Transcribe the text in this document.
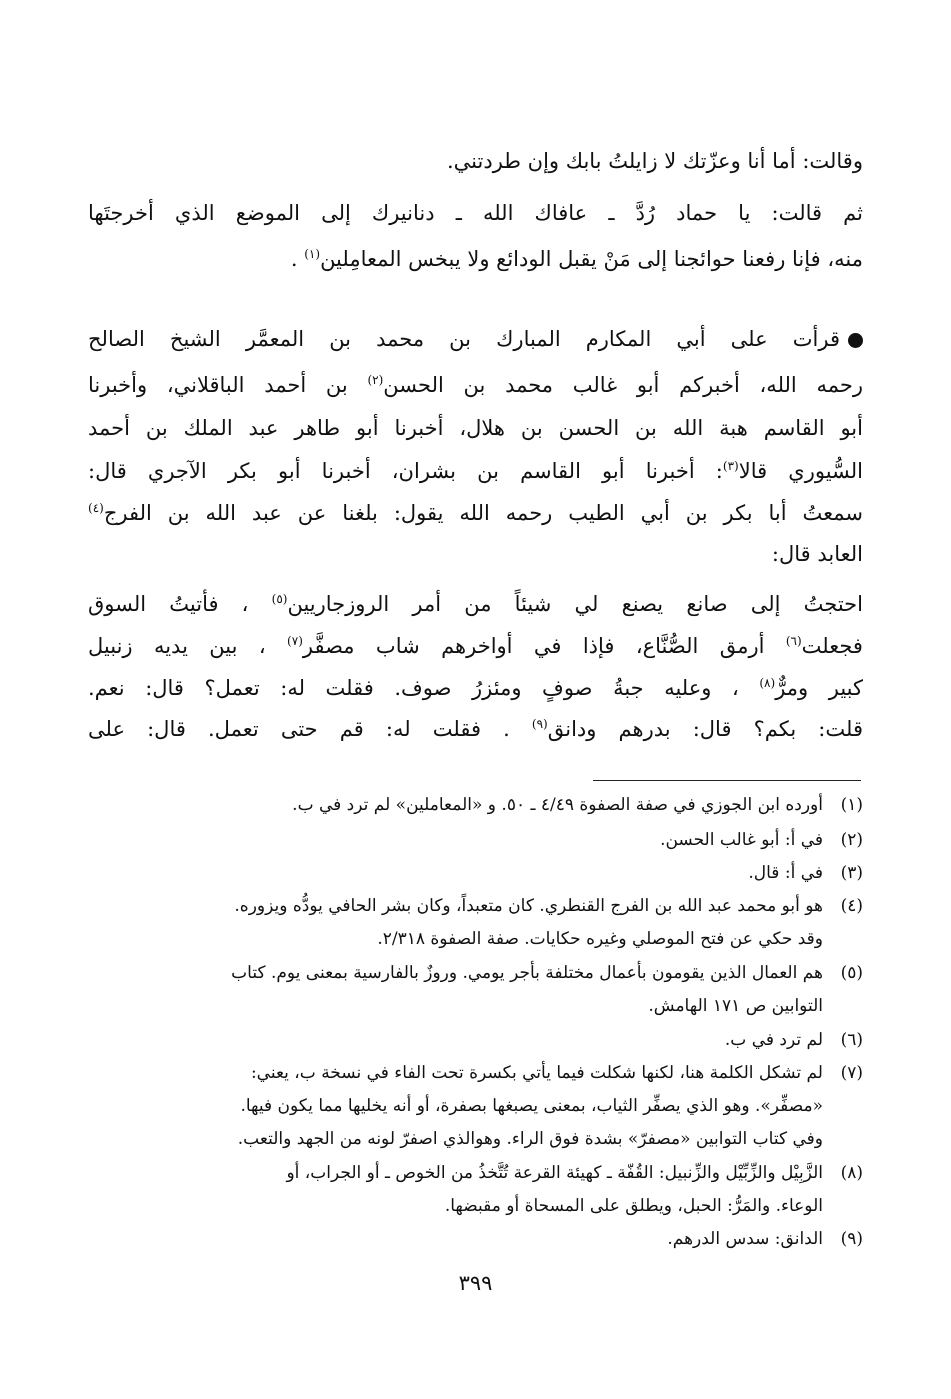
وقالت: أما أنا وعزّتك لا زايلتُ بابك وإن طردتني.
ثم قالت: يا حماد رُدَّ ـ عافاك الله ـ دنانيرك إلى الموضع الذي أخرجتَها
منه، فإنا رفعنا حوائجنا إلى مَنْ يقبل الودائع ولا يبخس المعامِلين$^{(١)}$ .
قرأت على أبي المكارم المبارك بن محمد بن المعمَّر الشيخ الصالح
رحمه الله، أخبركم أبو غالب محمد بن الحسن$^{(٢)}$ بن أحمد الباقلاني، وأخبرنا
أبو القاسم هبة الله بن الحسن بن هلال، أخبرنا أبو طاهر عبد الملك بن أحمد
السُّيوري قالا$^{(٣)}$: أخبرنا أبو القاسم بن بشران، أخبرنا أبو بكر الآجري قال:
سمعتُ أبا بكر بن أبي الطيب رحمه الله يقول: بلغنا عن عبد الله بن الفرج$^{(٤)}$
العابد قال:
احتجتُ إلى صانع يصنع لي شيئاً من أمر الروزجاريين$^{(٥)}$ ، فأتيتُ السوق
فجعلت$^{(٦)}$ أرمق الصُّنَّاع، فإذا في أواخرهم شاب مصفَّر$^{(٧)}$ ، بين يديه زنبيل
كبير ومرٌّ$^{(٨)}$ ، وعليه جبةُ صوفٍ ومئزرُ صوف. فقلت له: تعمل؟ قال: نعم.
قلت: بكم؟ قال: بدرهم ودانق$^{(٩)}$ . فقلت له: قم حتى تعمل. قال: على
(١)أورده ابن الجوزي في صفة الصفوة ٤/٤٩ ـ ٥٠. و «المعاملين» لم ترد في ب.
(٢)في أ: أبو غالب الحسن.
(٣)في أ: قال.
(٤)هو أبو محمد عبد الله بن الفرج القنطري. كان متعبداً، وكان بشر الحافي يودُّه ويزوره.
وقد حكي عن فتح الموصلي وغيره حكايات. صفة الصفوة ٢/٣١٨.
(٥)هم العمال الذين يقومون بأعمال مختلفة بأجر يومي. وروزٌ بالفارسية بمعنى يوم. كتاب
التوابين ص ١٧١ الهامش.
(٦)لم ترد في ب.
(٧)لم تشكل الكلمة هنا، لكنها شكلت فيما يأتي بكسرة تحت الفاء في نسخة ب، يعني:
«مصفِّر». وهو الذي يصفِّر الثياب، بمعنى يصبغها بصفرة، أو أنه يخليها مما يكون فيها.
وفي كتاب التوابين «مصفرّ» بشدة فوق الراء. وهوالذي اصفرّ لونه من الجهد والتعب.
(٨)الزَّبِيْل والزِّبِّيْل والزِّنبيل: القُفّة ـ كهيئة القرعة تُتَّخذُ من الخوص ـ أو الجراب، أو
الوعاء. والمَرُّ: الحبل، ويطلق على المسحاة أو مقبضها.
(٩)الدانق: سدس الدرهم.
٣٩٩
